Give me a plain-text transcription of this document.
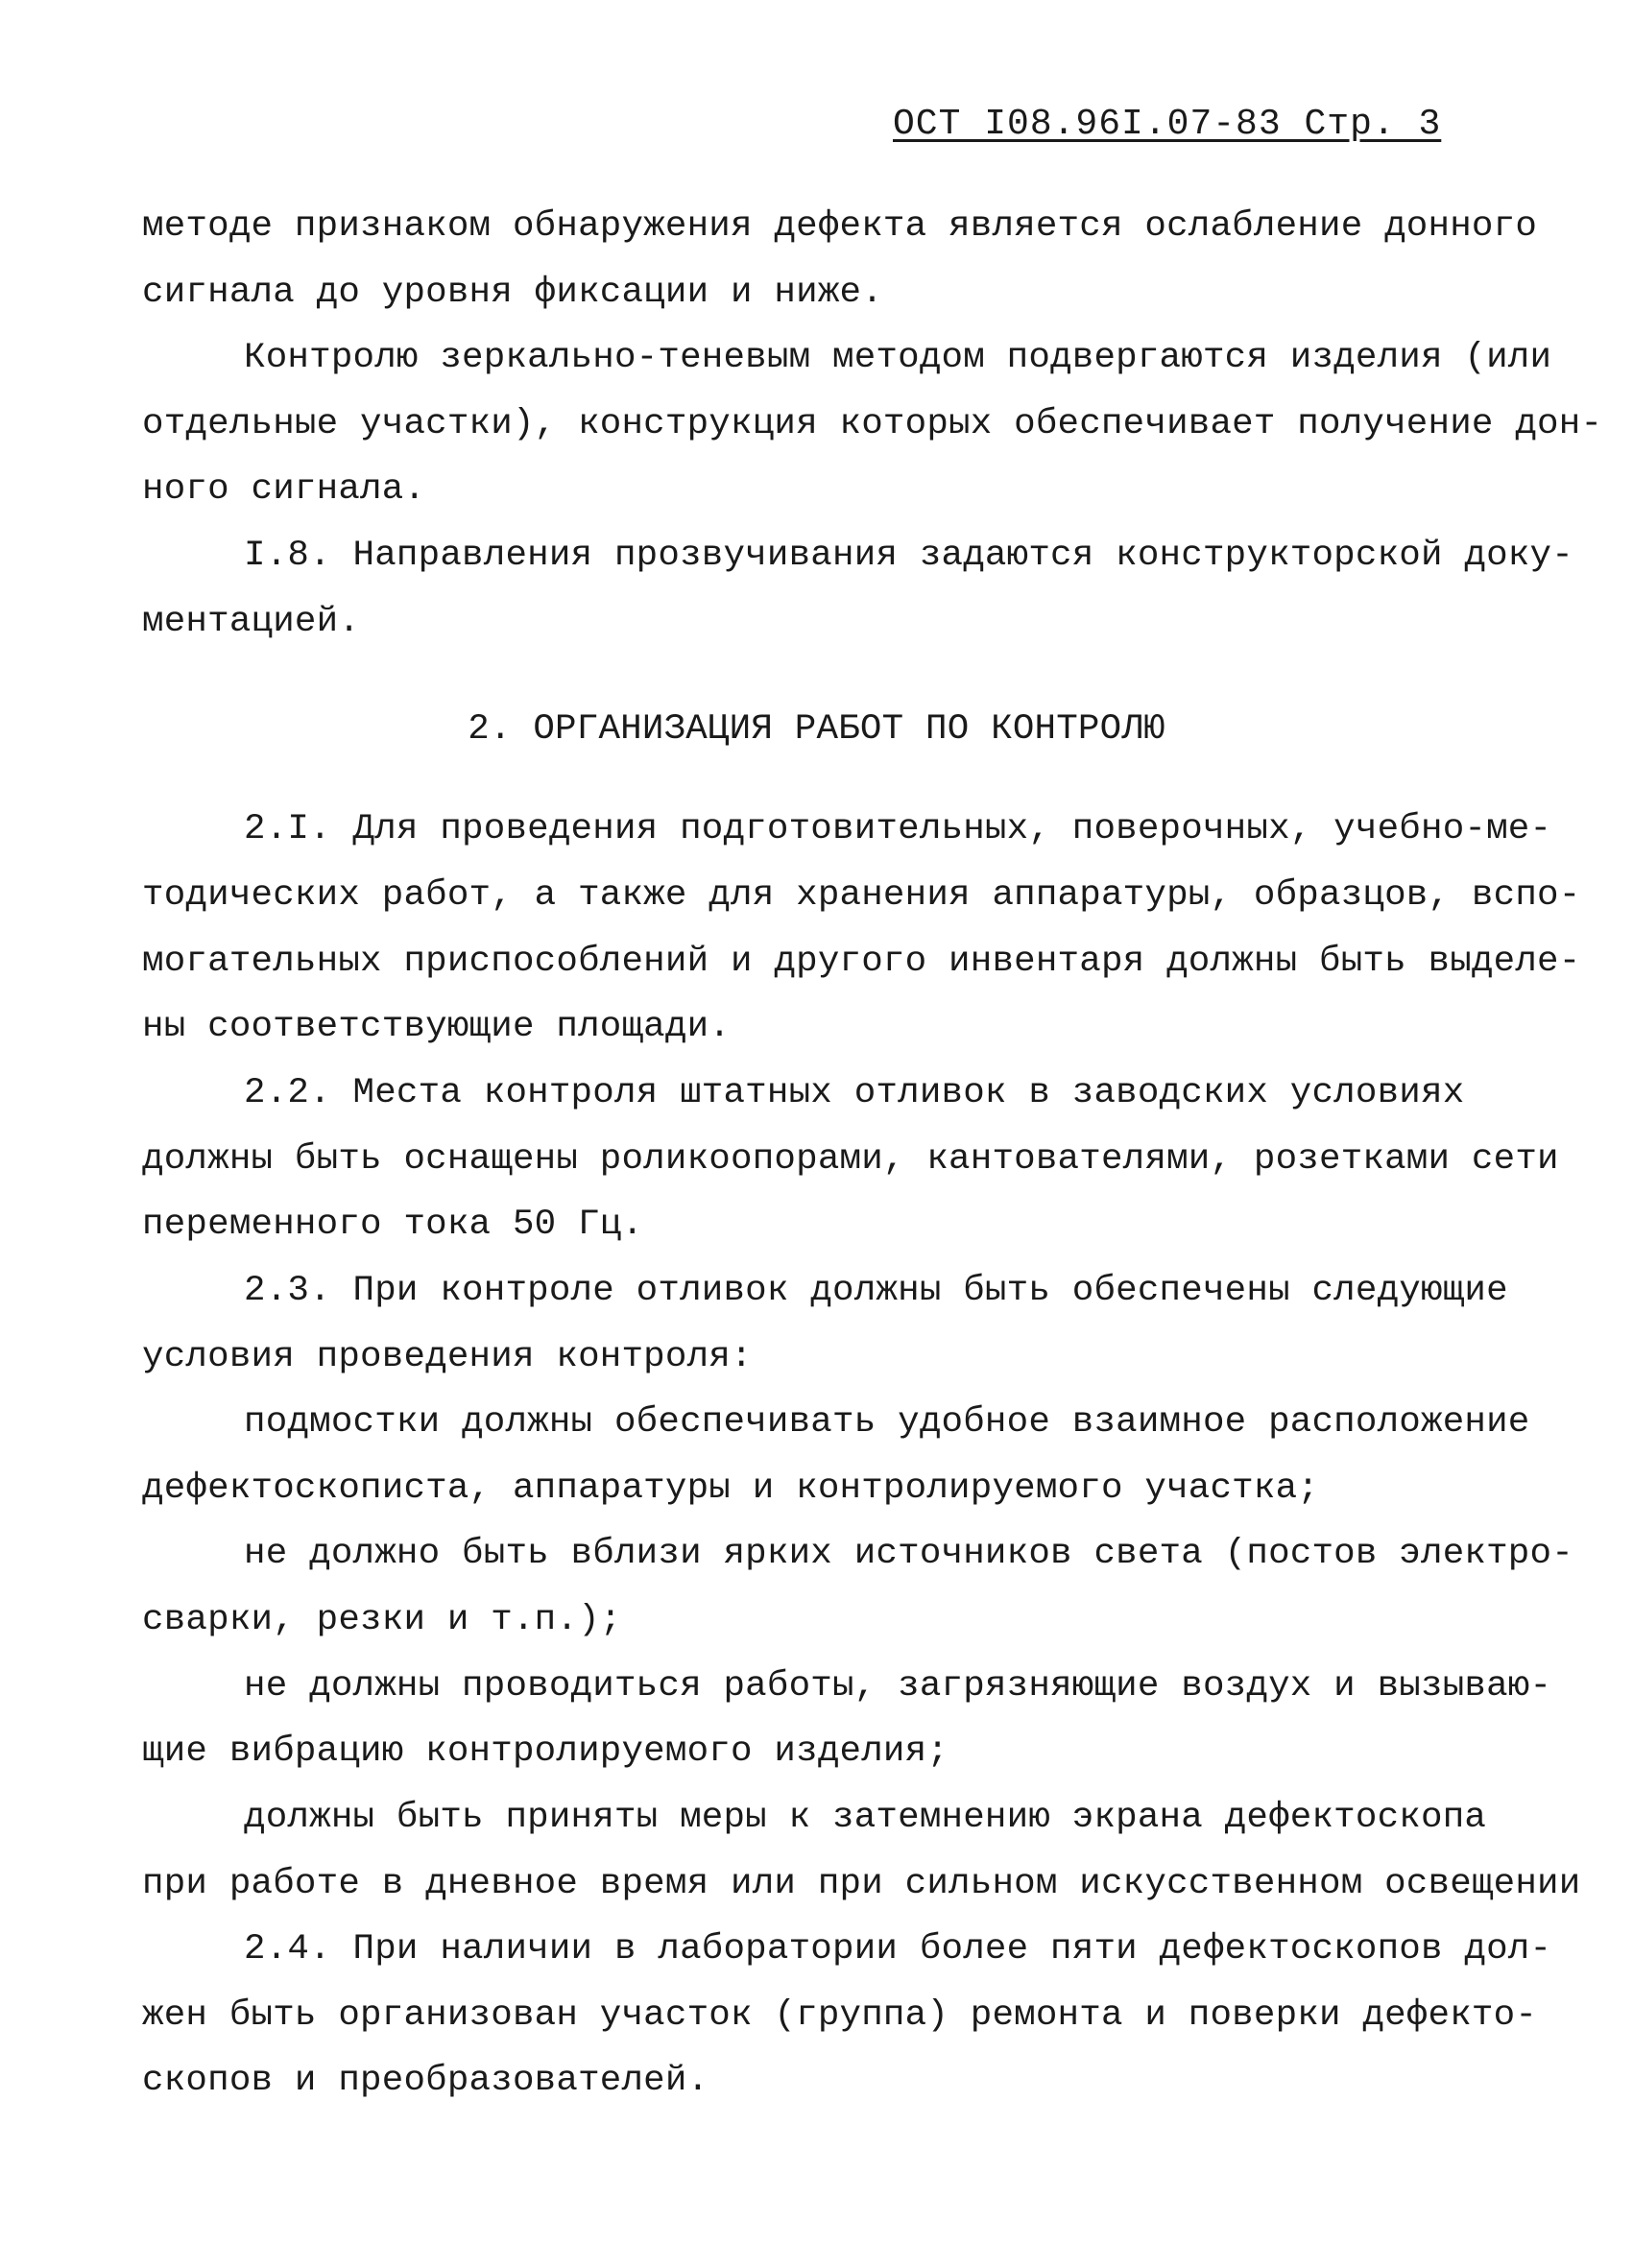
ОСТ I08.96I.07-83 Стр. 3
методе признаком обнаружения дефекта является ослабление донного
сигнала до уровня фиксации и ниже.
Контролю зеркально-теневым методом подвергаются изделия (или
отдельные участки), конструкция которых обеспечивает получение дон-
ного сигнала.
I.8. Направления прозвучивания задаются конструкторской доку-
ментацией.
2. ОРГАНИЗАЦИЯ РАБОТ ПО КОНТРОЛЮ
2.I. Для проведения подготовительных, поверочных, учебно-ме-
тодических работ, а также для хранения аппаратуры, образцов, вспо-
могательных приспособлений и другого инвентаря должны быть выделе-
ны соответствующие площади.
2.2. Места контроля штатных отливок в заводских условиях
должны быть оснащены роликоопорами, кантователями, розетками сети
переменного тока 50 Гц.
2.3. При контроле отливок должны быть обеспечены следующие
условия проведения контроля:
подмостки должны обеспечивать удобное взаимное расположение
дефектоскописта, аппаратуры и контролируемого участка;
не должно быть вблизи ярких источников света (постов электро-
сварки, резки и т.п.);
не должны проводиться работы, загрязняющие воздух и вызываю-
щие вибрацию контролируемого изделия;
должны быть приняты меры к затемнению экрана дефектоскопа
при работе в дневное время или при сильном искусственном освещении
2.4. При наличии в лаборатории более пяти дефектоскопов дол-
жен быть организован участок (группа) ремонта и поверки дефекто-
скопов и преобразователей.
